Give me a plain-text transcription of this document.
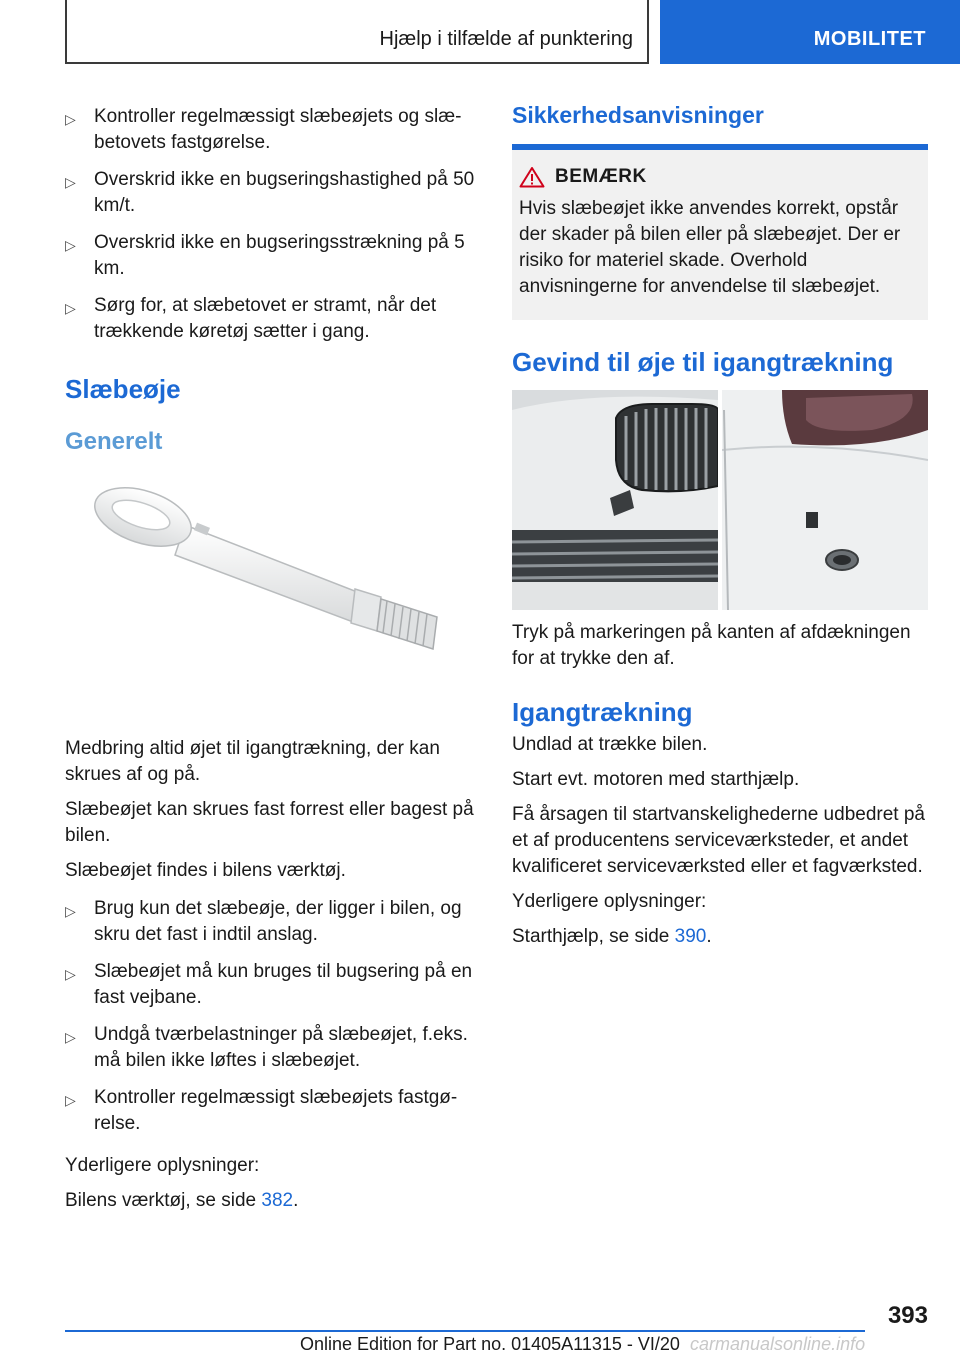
Hjælp i tilfælde af punktering	MOBILITET
▷ Kontroller regelmæssigt slæbeøjets og slæbetovets fastgørelse.
▷ Overskrid ikke en bugseringshastighed på 50 km/t.
▷ Overskrid ikke en bugseringsstrækning på 5 km.
▷ Sørg for, at slæbetovet er stramt, når det trækkende køretøj sætter i gang.
Slæbeøje
Generelt

Medbring altid øjet til igangtrækning, der kan skrues af og på.

Slæbeøjet kan skrues fast forrest eller bagest på bilen.

Slæbeøjet findes i bilens værktøj.

▷ Brug kun det slæbeøje, der ligger i bilen, og skru det fast i indtil anslag.
▷ Slæbeøjet må kun bruges til bugsering på en fast vejbane.
▷ Undgå tværbelastninger på slæbeøjet, f.eks. må bilen ikke løftes i slæbeøjet.
▷ Kontroller regelmæssigt slæbeøjets fastgørelse.

Yderligere oplysninger:

Bilens værktøj, se side 382.

Sikkerhedsanvisninger
BEMÆRK

Hvis slæbeøjet ikke anvendes korrekt, opstår der skader på bilen eller på slæbeøjet. Der er risiko for materiel skade. Overhold anvisningerne for anvendelse til slæbeøjet.

Gevind til øje til igangtrækning

Tryk på markeringen på kanten af afdækningen for at trykke den af.

Igangtrækning

Undlad at trække bilen.

Start evt. motoren med starthjælp.

Få årsagen til startvanskelighederne udbedret på et af producentens serviceværksteder, et andet kvalificeret serviceværksted eller et fagværksted.

Yderligere oplysninger:

Starthjælp, se side 390.

393
Online Edition for Part no. 01405A11315 - VI/20 carmanualsonline.info
